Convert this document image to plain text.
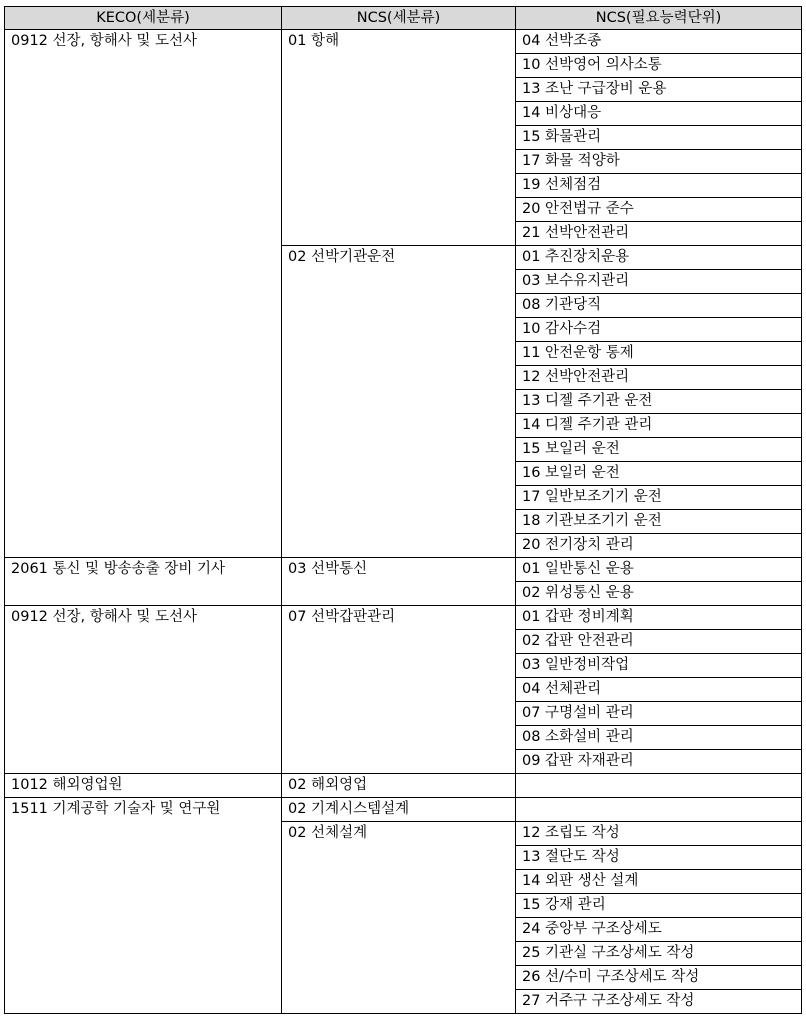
KECO(세분류)	NCS(세분류)	NCS(필요능력단위)
0912 선장, 항해사 및 도선사	01 항해	04 선박조종
		10 선박영어 의사소통
		13 조난 구급장비 운용
		14 비상대응
		15 화물관리
		17 화물 적양하
		19 선체점검
		20 안전법규 준수
		21 선박안전관리
	02 선박기관운전	01 추진장치운용
		03 보수유지관리
		08 기관당직
		10 감사수검
		11 안전운항 통제
		12 선박안전관리
		13 디젤 주기관 운전
		14 디젤 주기관 관리
		15 보일러 운전
		16 보일러 운전
		17 일반보조기기 운전
		18 기관보조기기 운전
		20 전기장치 관리
2061 통신 및 방송송출 장비 기사	03 선박통신	01 일반통신 운용
		02 위성통신 운용
0912 선장, 항해사 및 도선사	07 선박갑판관리	01 갑판 정비계획
		02 갑판 안전관리
		03 일반정비작업
		04 선체관리
		07 구명설비 관리
		08 소화설비 관리
		09 갑판 자재관리
1012 해외영업원	02 해외영업	
1511 기계공학 기술자 및 연구원	02 기계시스템설계	
	02 선체설계	12 조립도 작성
		13 절단도 작성
		14 외판 생산 설계
		15 강재 관리
		24 중앙부 구조상세도
		25 기관실 구조상세도 작성
		26 선/수미 구조상세도 작성
		27 거주구 구조상세도 작성
